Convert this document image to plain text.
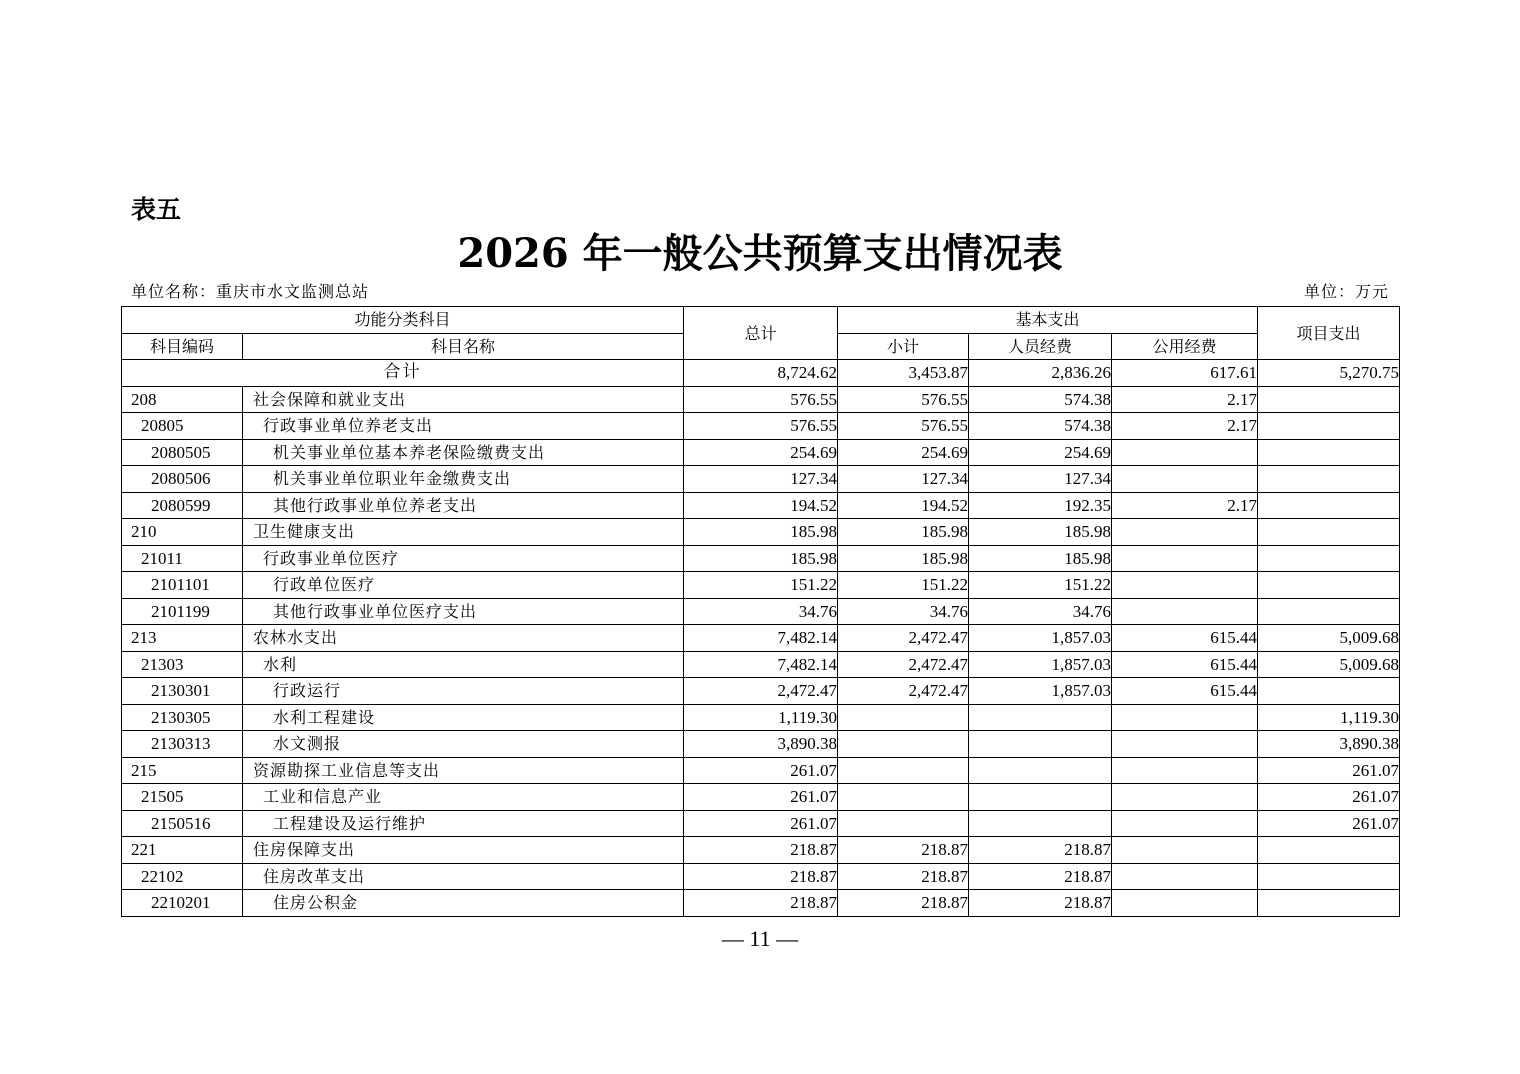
表五
2026 年一般公共预算支出情况表
单位名称：重庆市水文监测总站	单位：万元
功能分类科目		总计	基本支出			项目支出
科目编码	科目名称		小计	人员经费	公用经费	
合计		8,724.62	3,453.87	2,836.26	617.61	5,270.75
208	社会保障和就业支出	576.55	576.55	574.38	2.17	
20805	行政事业单位养老支出	576.55	576.55	574.38	2.17	
2080505	机关事业单位基本养老保险缴费支出	254.69	254.69	254.69		
2080506	机关事业单位职业年金缴费支出	127.34	127.34	127.34		
2080599	其他行政事业单位养老支出	194.52	194.52	192.35	2.17	
210	卫生健康支出	185.98	185.98	185.98		
21011	行政事业单位医疗	185.98	185.98	185.98		
2101101	行政单位医疗	151.22	151.22	151.22		
2101199	其他行政事业单位医疗支出	34.76	34.76	34.76		
213	农林水支出	7,482.14	2,472.47	1,857.03	615.44	5,009.68
21303	水利	7,482.14	2,472.47	1,857.03	615.44	5,009.68
2130301	行政运行	2,472.47	2,472.47	1,857.03	615.44	
2130305	水利工程建设	1,119.30				1,119.30
2130313	水文测报	3,890.38				3,890.38
215	资源勘探工业信息等支出	261.07				261.07
21505	工业和信息产业	261.07				261.07
2150516	工程建设及运行维护	261.07				261.07
221	住房保障支出	218.87	218.87	218.87		
22102	住房改革支出	218.87	218.87	218.87		
2210201	住房公积金	218.87	218.87	218.87		
— 11 —
